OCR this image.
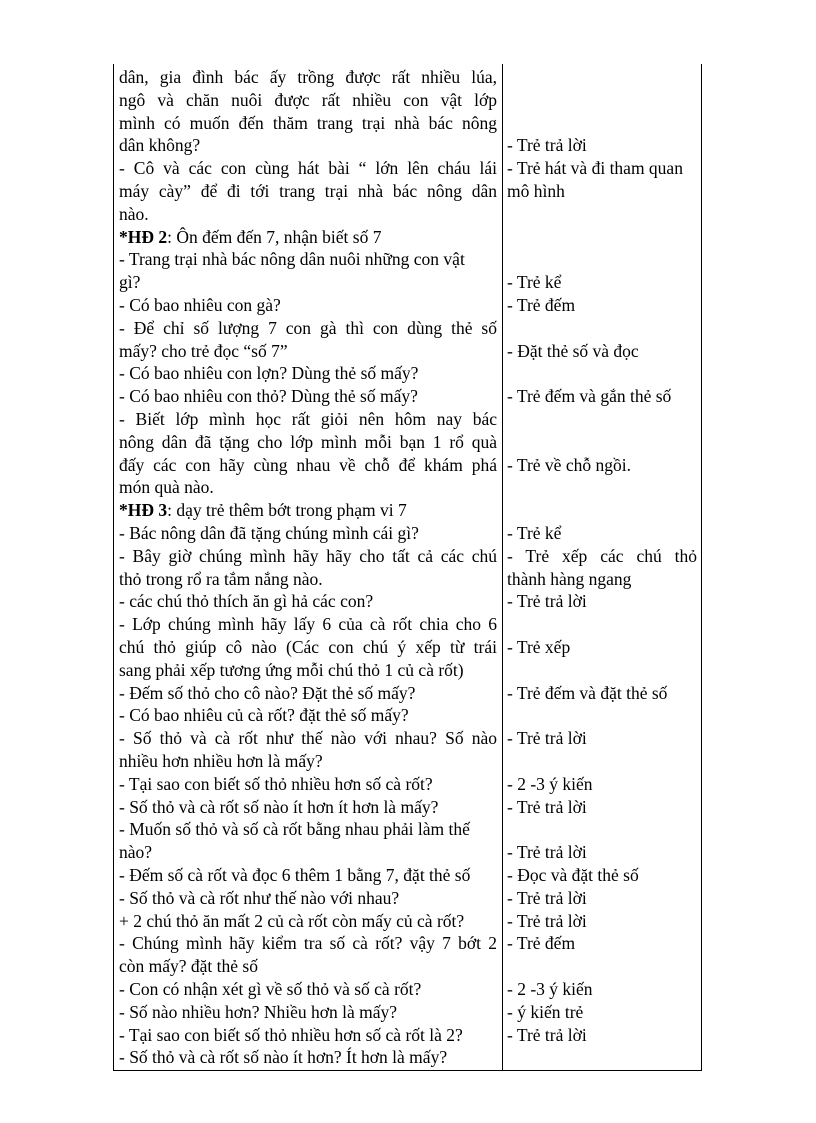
dân, gia đình bác ấy trồng được rất nhiều lúa,
ngô và chăn nuôi được rất nhiều con vật lớp
mình có muốn đến thăm trang trại nhà bác nông
dân không?
- Cô và các con cùng hát bài “ lớn lên cháu lái
máy cày” để đi tới trang trại nhà bác nông dân
nào.
*HĐ 2: Ôn đếm đến 7, nhận biết số 7
- Trang trại nhà bác nông dân nuôi những con vật
gì?
- Có bao nhiêu con gà?
- Để chỉ số lượng 7 con gà thì con dùng thẻ số
mấy? cho trẻ đọc “số 7”
- Có bao nhiêu con lợn? Dùng thẻ số mấy?
- Có bao nhiêu con thỏ? Dùng thẻ số mấy?
- Biết lớp mình học rất giỏi nên hôm nay bác
nông dân đã tặng cho lớp mình mỗi bạn 1 rổ quà
đấy các con hãy cùng nhau về chỗ để khám phá
món quà nào.
*HĐ 3: dạy trẻ thêm bớt trong phạm vi 7
- Bác nông dân đã tặng chúng mình cái gì?
- Bây giờ chúng mình hãy hãy cho tất cả các chú
thỏ trong rổ ra tắm nắng nào.
- các chú thỏ thích ăn gì hả các con?
- Lớp chúng mình hãy lấy 6 của cà rốt chia cho 6
chú thỏ giúp cô nào (Các con chú ý xếp từ trái
sang phải xếp tương ứng mỗi chú thỏ 1 củ cà rốt)
- Đếm số thỏ cho cô nào? Đặt thẻ số mấy?
- Có bao nhiêu củ cà rốt? đặt thẻ số mấy?
- Số thỏ và cà rốt như thế nào với nhau? Số nào
nhiều hơn nhiều hơn là mấy?
- Tại sao con biết số thỏ nhiều hơn số cà rốt?
- Số thỏ và cà rốt số nào ít hơn ít hơn là mấy?
- Muốn số thỏ và số cà rốt bằng nhau phải làm thế
nào?
- Đếm số cà rốt và đọc 6 thêm 1 bằng 7, đặt thẻ số
- Số thỏ và cà rốt như thế nào với nhau?
+ 2 chú thỏ ăn mất 2 củ cà rốt còn mấy củ cà rốt?
- Chúng mình hãy kiểm tra số cà rốt? vậy 7 bớt 2
còn mấy? đặt thẻ số
- Con có nhận xét gì về số thỏ và số cà rốt?
- Số nào nhiều hơn? Nhiều hơn là mấy?
- Tại sao con biết số thỏ nhiều hơn số cà rốt là 2?
- Số thỏ và cà rốt số nào ít hơn? Ít hơn là mấy?
- Trẻ trả lời
- Trẻ hát và đi tham quan
mô hình
- Trẻ kể
- Trẻ đếm
- Đặt thẻ số và đọc
- Trẻ đếm và gắn thẻ số
- Trẻ về chỗ ngồi.
- Trẻ kể
- Trẻ xếp các chú thỏ
thành hàng ngang
- Trẻ trả lời
- Trẻ xếp
- Trẻ đếm và đặt thẻ số
- Trẻ trả lời
- 2 -3 ý kiến
- Trẻ trả lời
- Trẻ trả lời
- Đọc và đặt thẻ số
- Trẻ trả lời
- Trẻ trả lời
- Trẻ đếm
- 2 -3 ý kiến
- ý kiến trẻ
- Trẻ trả lời
